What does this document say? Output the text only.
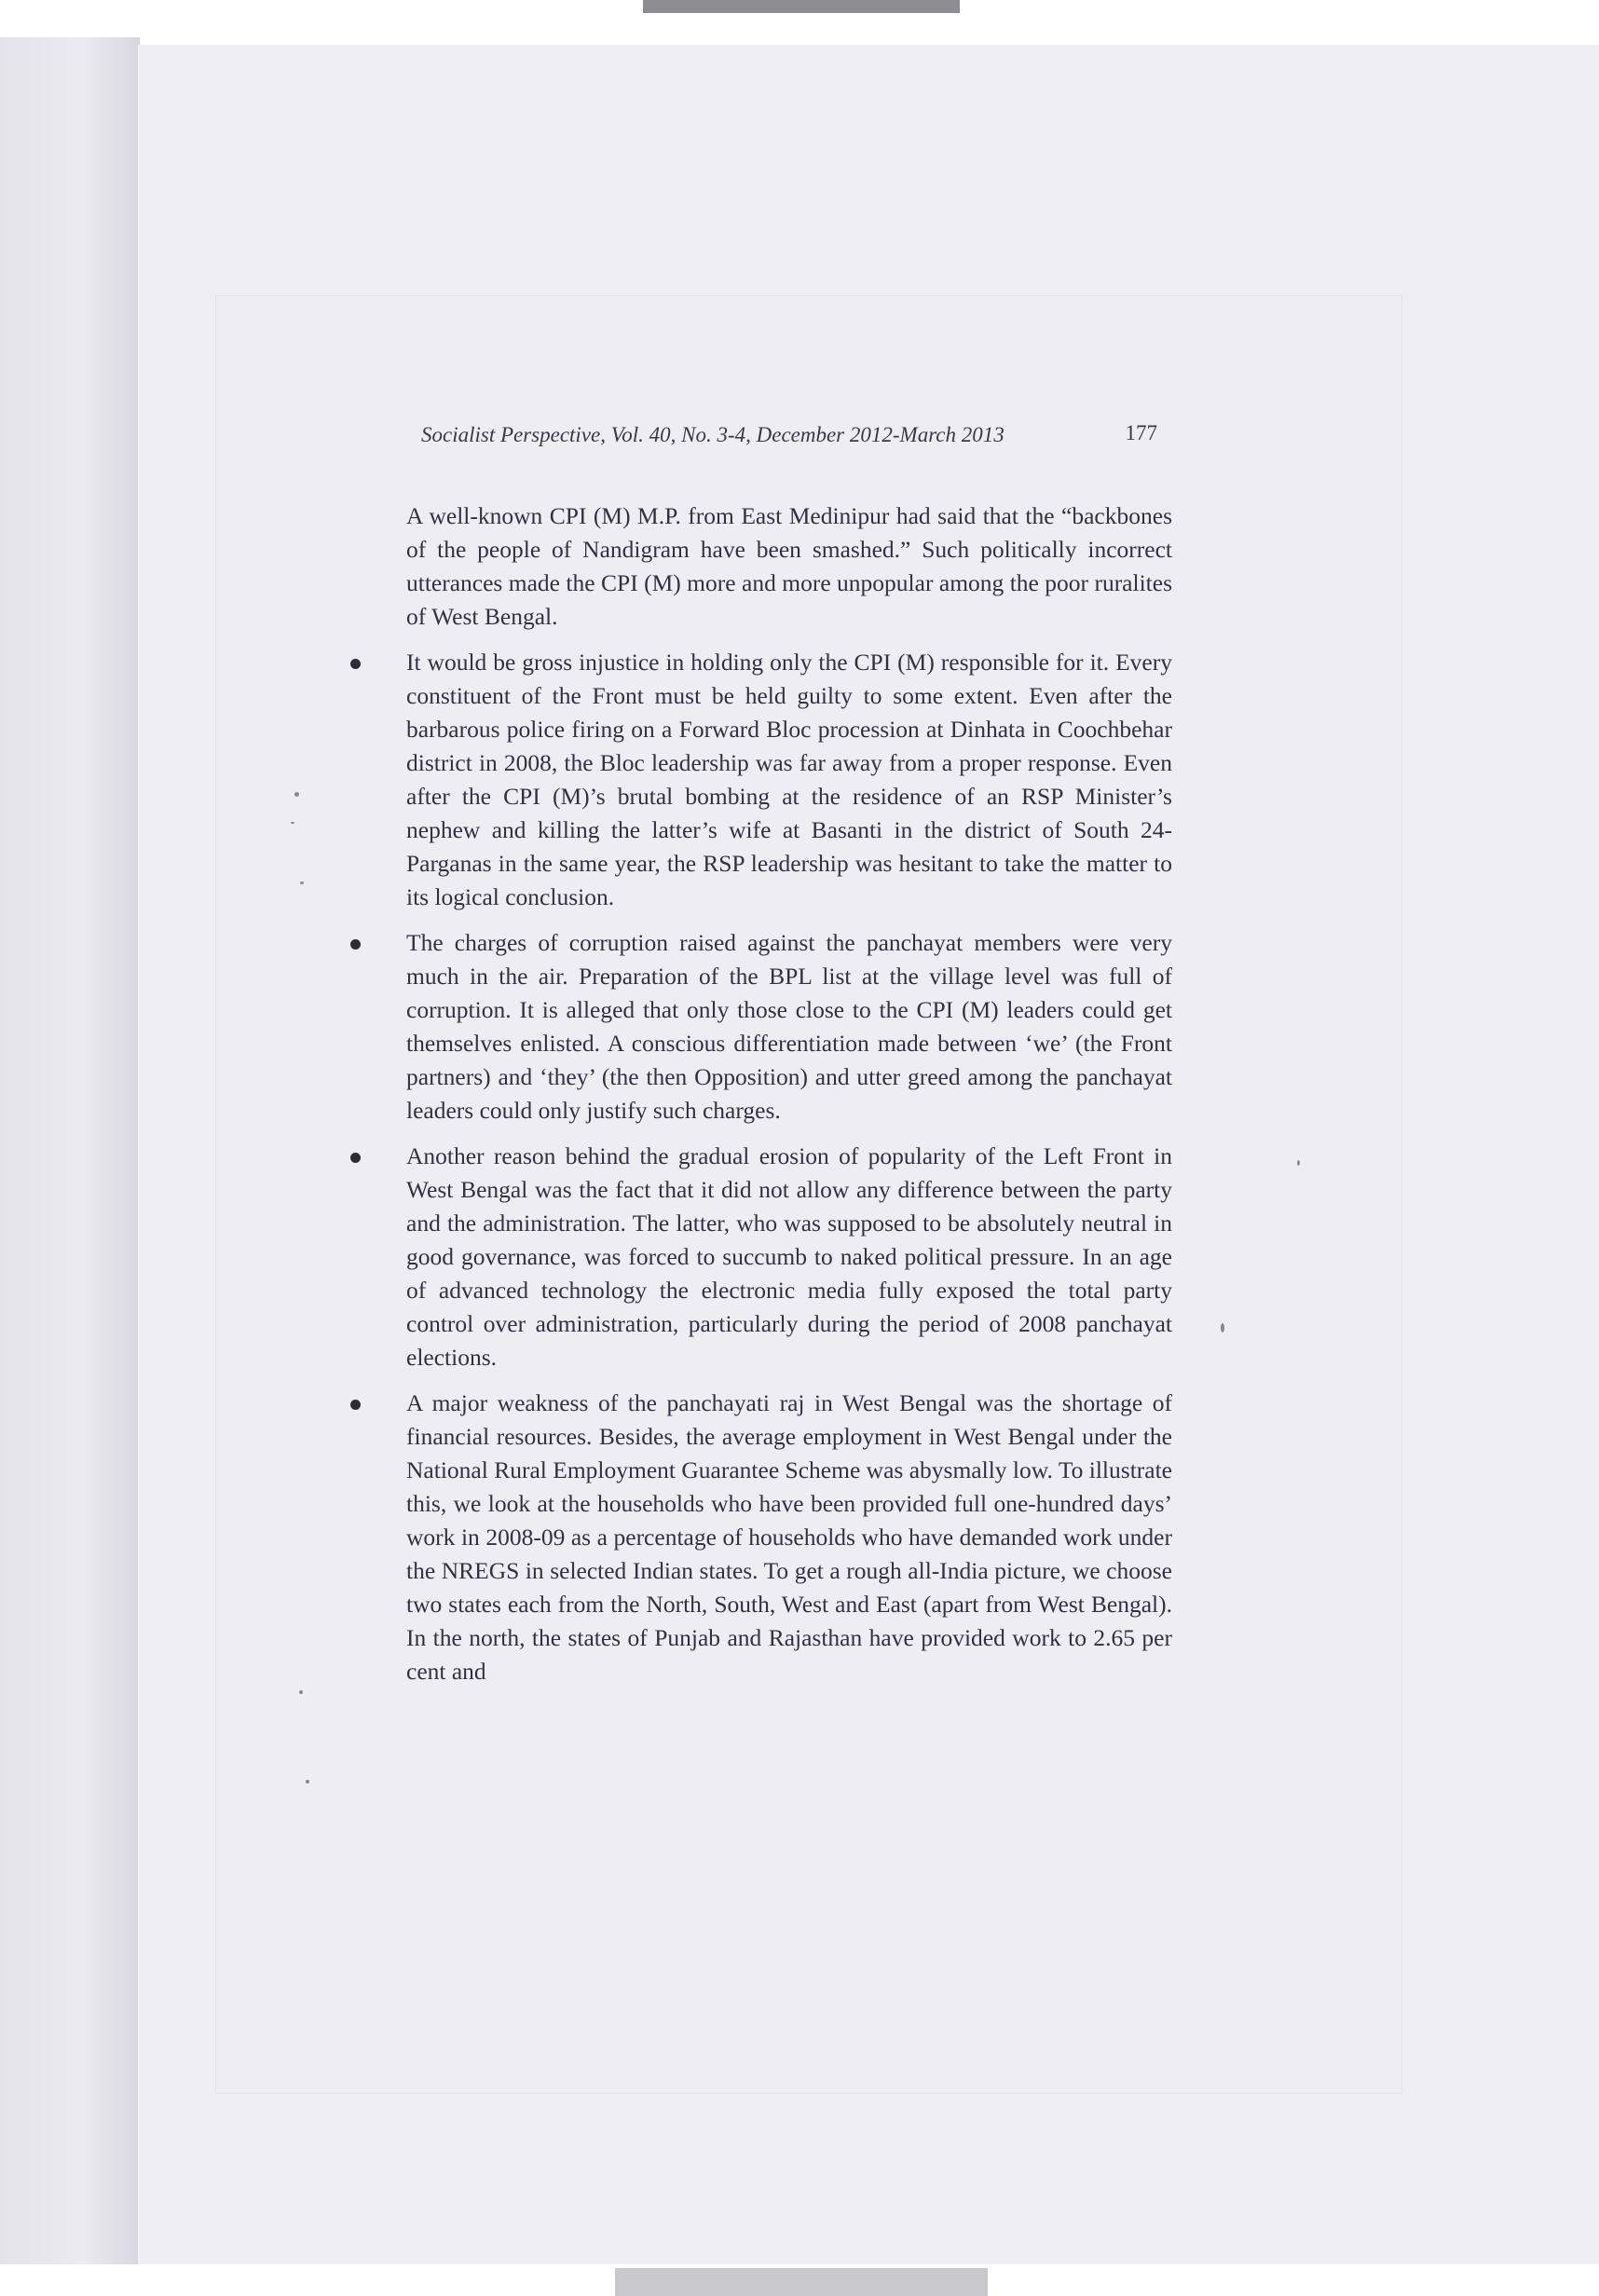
Socialist Perspective, Vol. 40, No. 3-4, December 2012-March 2013	177

A well-known CPI (M) M.P. from East Medinipur had said that the “backbones of the people of Nandigram have been smashed.” Such politically incorrect utterances made the CPI (M) more and more unpopular among the poor ruralites of West Bengal.

It would be gross injustice in holding only the CPI (M) responsible for it. Every constituent of the Front must be held guilty to some extent. Even after the barbarous police firing on a Forward Bloc procession at Dinhata in Coochbehar district in 2008, the Bloc leadership was far away from a proper response. Even after the CPI (M)’s brutal bombing at the residence of an RSP Minister’s nephew and killing the latter’s wife at Basanti in the district of South 24-Parganas in the same year, the RSP leadership was hesitant to take the matter to its logical conclusion.

The charges of corruption raised against the panchayat members were very much in the air. Preparation of the BPL list at the village level was full of corruption. It is alleged that only those close to the CPI (M) leaders could get themselves enlisted. A conscious differentiation made between ‘we’ (the Front partners) and ‘they’ (the then Opposition) and utter greed among the panchayat leaders could only justify such charges.

Another reason behind the gradual erosion of popularity of the Left Front in West Bengal was the fact that it did not allow any difference between the party and the administration. The latter, who was supposed to be absolutely neutral in good governance, was forced to succumb to naked political pressure. In an age of advanced technology the electronic media fully exposed the total party control over administration, particularly during the period of 2008 panchayat elections.

A major weakness of the panchayati raj in West Bengal was the shortage of financial resources. Besides, the average employment in West Bengal under the National Rural Employment Guarantee Scheme was abysmally low. To illustrate this, we look at the households who have been provided full one-hundred days’ work in 2008-09 as a percentage of households who have demanded work under the NREGS in selected Indian states. To get a rough all-India picture, we choose two states each from the North, South, West and East (apart from West Bengal). In the north, the states of Punjab and Rajasthan have provided work to 2.65 per cent and
